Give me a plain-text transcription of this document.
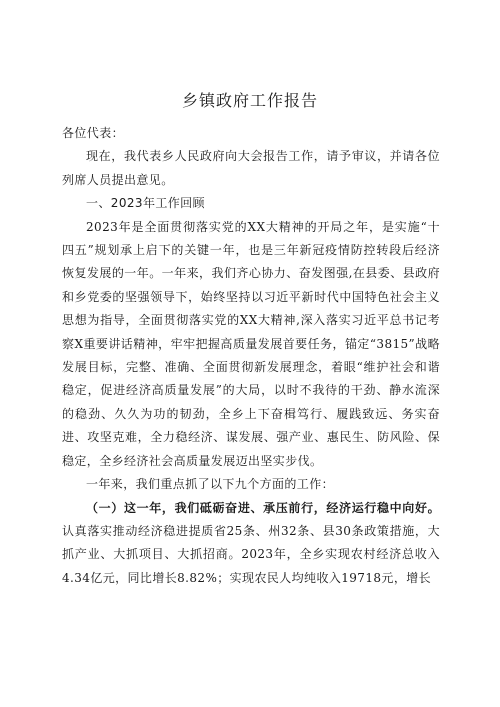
乡镇政府工作报告

各位代表：

现在，我代表乡人民政府向大会报告工作，请予审议，并请各位列席人员提出意见。

一、2023年工作回顾

2023年是全面贯彻落实党的XX大精神的开局之年，是实施“十四五”规划承上启下的关键一年，也是三年新冠疫情防控转段后经济恢复发展的一年。一年来，我们齐心协力、奋发图强,在县委、县政府和乡党委的坚强领导下，始终坚持以习近平新时代中国特色社会主义思想为指导，全面贯彻落实党的XX大精神,深入落实习近平总书记考察X重要讲话精神，牢牢把握高质量发展首要任务，锚定“3815”战略发展目标，完整、准确、全面贯彻新发展理念，着眼“维护社会和谐稳定，促进经济高质量发展”的大局，以时不我待的干劲、静水流深的稳劲、久久为功的韧劲，全乡上下奋楫笃行、履践致远、务实奋进、攻坚克难，全力稳经济、谋发展、强产业、惠民生、防风险、保稳定，全乡经济社会高质量发展迈出坚实步伐。

一年来，我们重点抓了以下九个方面的工作：

（一）这一年，我们砥砺奋进、承压前行，经济运行稳中向好。认真落实推动经济稳进提质省25条、州32条、县30条政策措施，大抓产业、大抓项目、大抓招商。2023年，全乡实现农村经济总收入4.34亿元，同比增长8.82%；实现农民人均纯收入19718元，增长
